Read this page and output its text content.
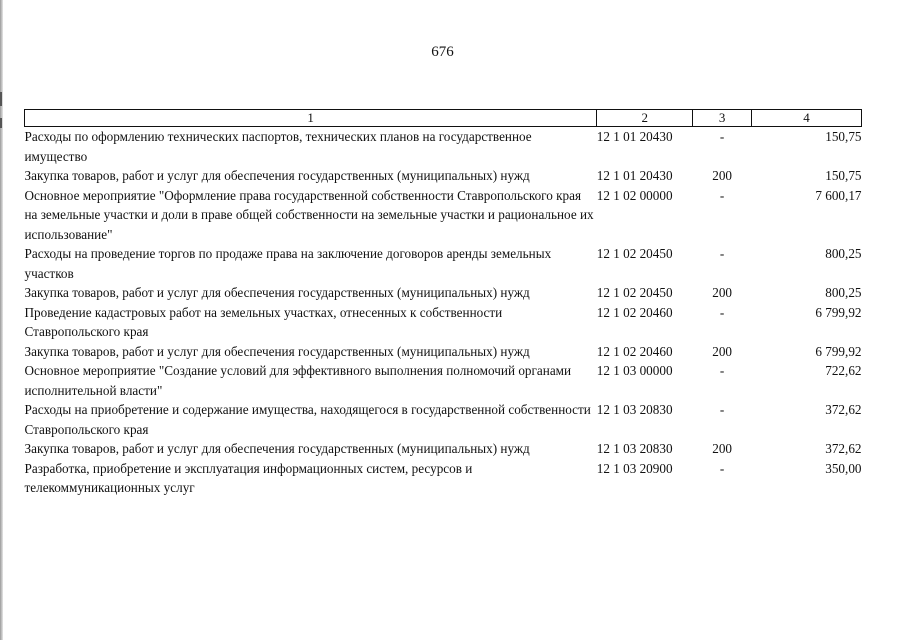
676
1	2	3	4
Расходы по оформлению технических паспортов, технических планов на государственное имущество	12 1 01 20430	-	150,75
Закупка товаров, работ и услуг для обеспечения государственных (муниципальных) нужд	12 1 01 20430	200	150,75
Основное мероприятие "Оформление права государственной собственности Ставропольского края на земельные участки и доли в праве общей собственности на земельные участки и рациональное их использование"	12 1 02 00000	-	7 600,17
Расходы на проведение торгов по продаже права на заключение договоров аренды земельных участков	12 1 02 20450	-	800,25
Закупка товаров, работ и услуг для обеспечения государственных (муниципальных) нужд	12 1 02 20450	200	800,25
Проведение кадастровых работ на земельных участках, отнесенных к собственности Ставропольского края	12 1 02 20460	-	6 799,92
Закупка товаров, работ и услуг для обеспечения государственных (муниципальных) нужд	12 1 02 20460	200	6 799,92
Основное мероприятие "Создание условий для эффективного выполнения полномочий органами исполнительной власти"	12 1 03 00000	-	722,62
Расходы на приобретение и содержание имущества, находящегося в государственной собственности Ставропольского края	12 1 03 20830	-	372,62
Закупка товаров, работ и услуг для обеспечения государственных (муниципальных) нужд	12 1 03 20830	200	372,62
Разработка, приобретение и эксплуатация информационных систем, ресурсов и телекоммуникационных услуг	12 1 03 20900	-	350,00
